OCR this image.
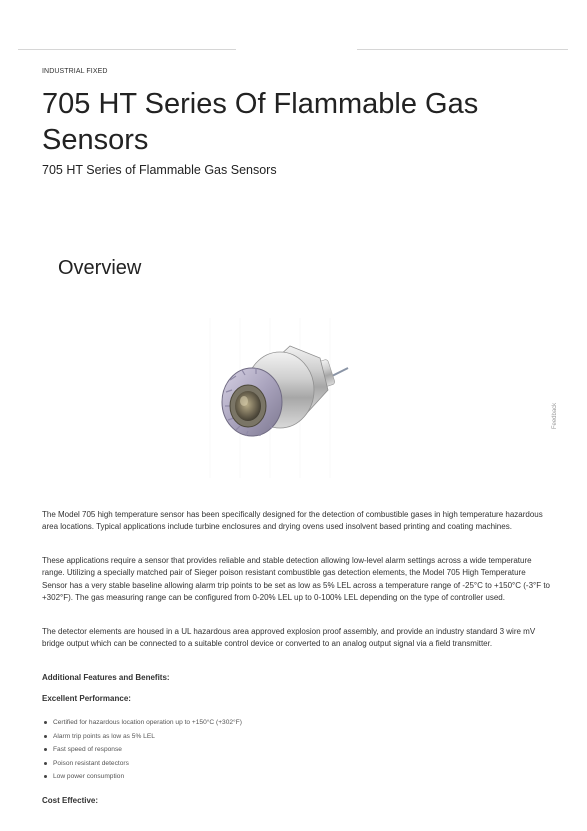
INDUSTRIAL FIXED
705 HT Series Of Flammable Gas Sensors
705 HT Series of Flammable Gas Sensors
Overview
Feedback

The Model 705 high temperature sensor has been specifically designed for the detection of combustible gases in high temperature hazardous area locations. Typical applications include turbine enclosures and drying ovens used insolvent based printing and coating machines.

These applications require a sensor that provides reliable and stable detection allowing low-level alarm settings across a wide temperature range. Utilizing a specially matched pair of Sieger poison resistant combustible gas detection elements, the Model 705 High Temperature Sensor has a very stable baseline allowing alarm trip points to be set as low as 5% LEL across a temperature range of -25°C to +150°C (-3°F to +302°F). The gas measuring range can be configured from 0-20% LEL up to 0-100% LEL depending on the type of controller used.

The detector elements are housed in a UL hazardous area approved explosion proof assembly, and provide an industry standard 3 wire mV bridge output which can be connected to a suitable control device or converted to an analog output signal via a field transmitter.

Additional Features and Benefits:

Excellent Performance:

Certified for hazardous location operation up to +150°C (+302°F)
Alarm trip points as low as 5% LEL
Fast speed of response
Poison resistant detectors
Low power consumption

Cost Effective:
